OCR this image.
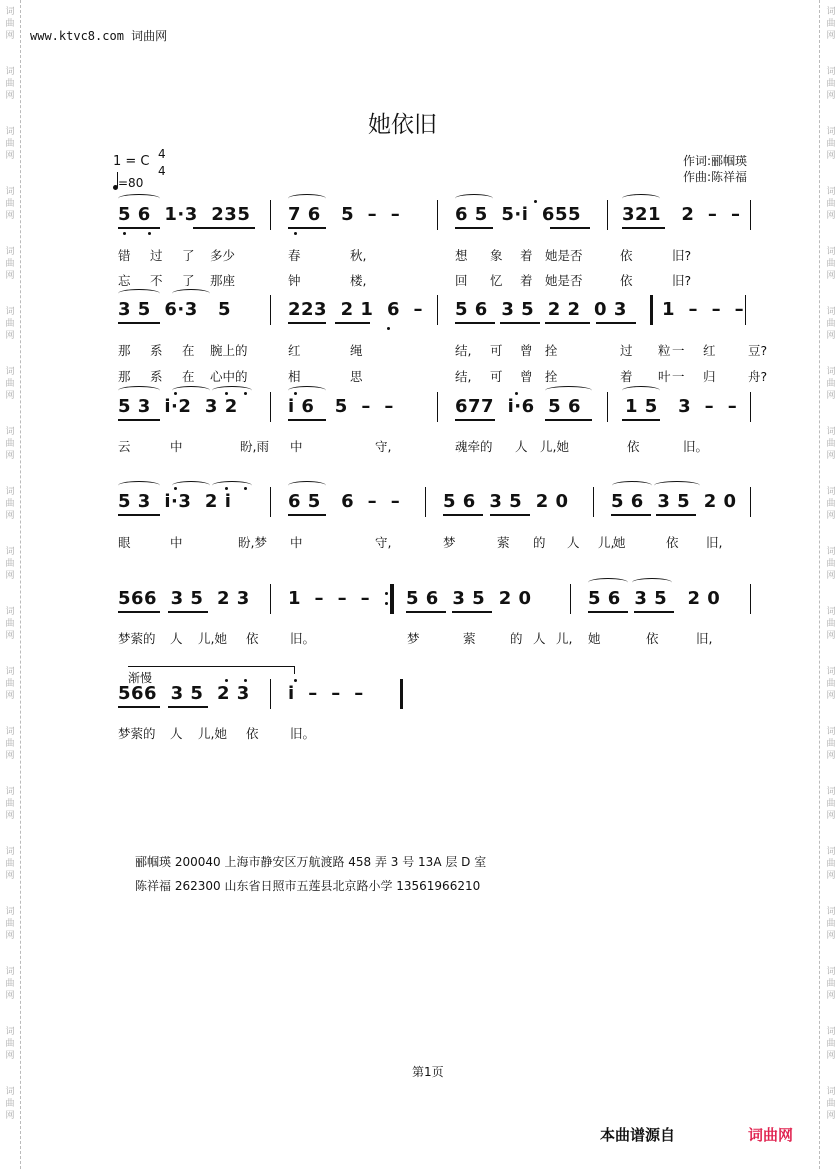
词曲网
词曲网
词曲网
词曲网
词曲网
词曲网
词曲网
词曲网
词曲网
词曲网
词曲网
词曲网
词曲网
词曲网
词曲网
词曲网
词曲网
词曲网
词曲网
词曲网
词曲网
词曲网
词曲网
词曲网
词曲网
词曲网
词曲网
词曲网
词曲网
词曲网
词曲网
词曲网
词曲网
词曲网
词曲网
词曲网
词曲网
词曲网
www.ktvc8.com 词曲网
她依旧
1 = C 4
4
=80
作词:郦帼瑛
作曲:陈祥福
5 6  1·3  235 7 6   5  –  –	6 5  5·i  655 321   2  –  –
错 过 了 多少	春	秋,	想 象 着 她是否	依	旧?
忘 不 了 那座	钟	楼,	回 忆 着 她是否	依	旧?
3 5  6·3   5	223  2 1  6  – 5 6  3 5  2 2  0 3 1  –  –  –
那 系 在 腕上的	红	绳	结, 可 曾 拴	过	一
粒	红	豆?
那 系 在 心中的	相	思	结, 可 曾 拴	着	一
叶	归	舟?
5 3  i·2  3 2	i 6   5  –  –	677  i·6  5 6 1 5   3  –  –
云	中	盼,雨 中	守,	魂牵的 人 儿,她	依	旧。
5 3  i·3  2 i	6 5   6  –  – 5 6  3 5  2 0 5 6  3 5  2 0
眼	中	盼,梦 中	守,	梦	萦 的 人 儿,
她	依 旧,
566  3 5  2 3 1  –  –  – 5 6  3 5  2 0	5 6  3 5   2 0
梦萦的 人 儿,她 依	旧。	梦	萦	的 人 儿, 她	依	旧,
566  3 5  2 3 i  –  –  –
梦萦的 人 儿,她 依	旧。
渐慢
郦帼瑛 200040 上海市静安区万航渡路 458 弄 3 号 13A 层 D 室
陈祥福 262300 山东省日照市五莲县北京路小学 13561966210
第1页
本曲谱源自	词曲网
